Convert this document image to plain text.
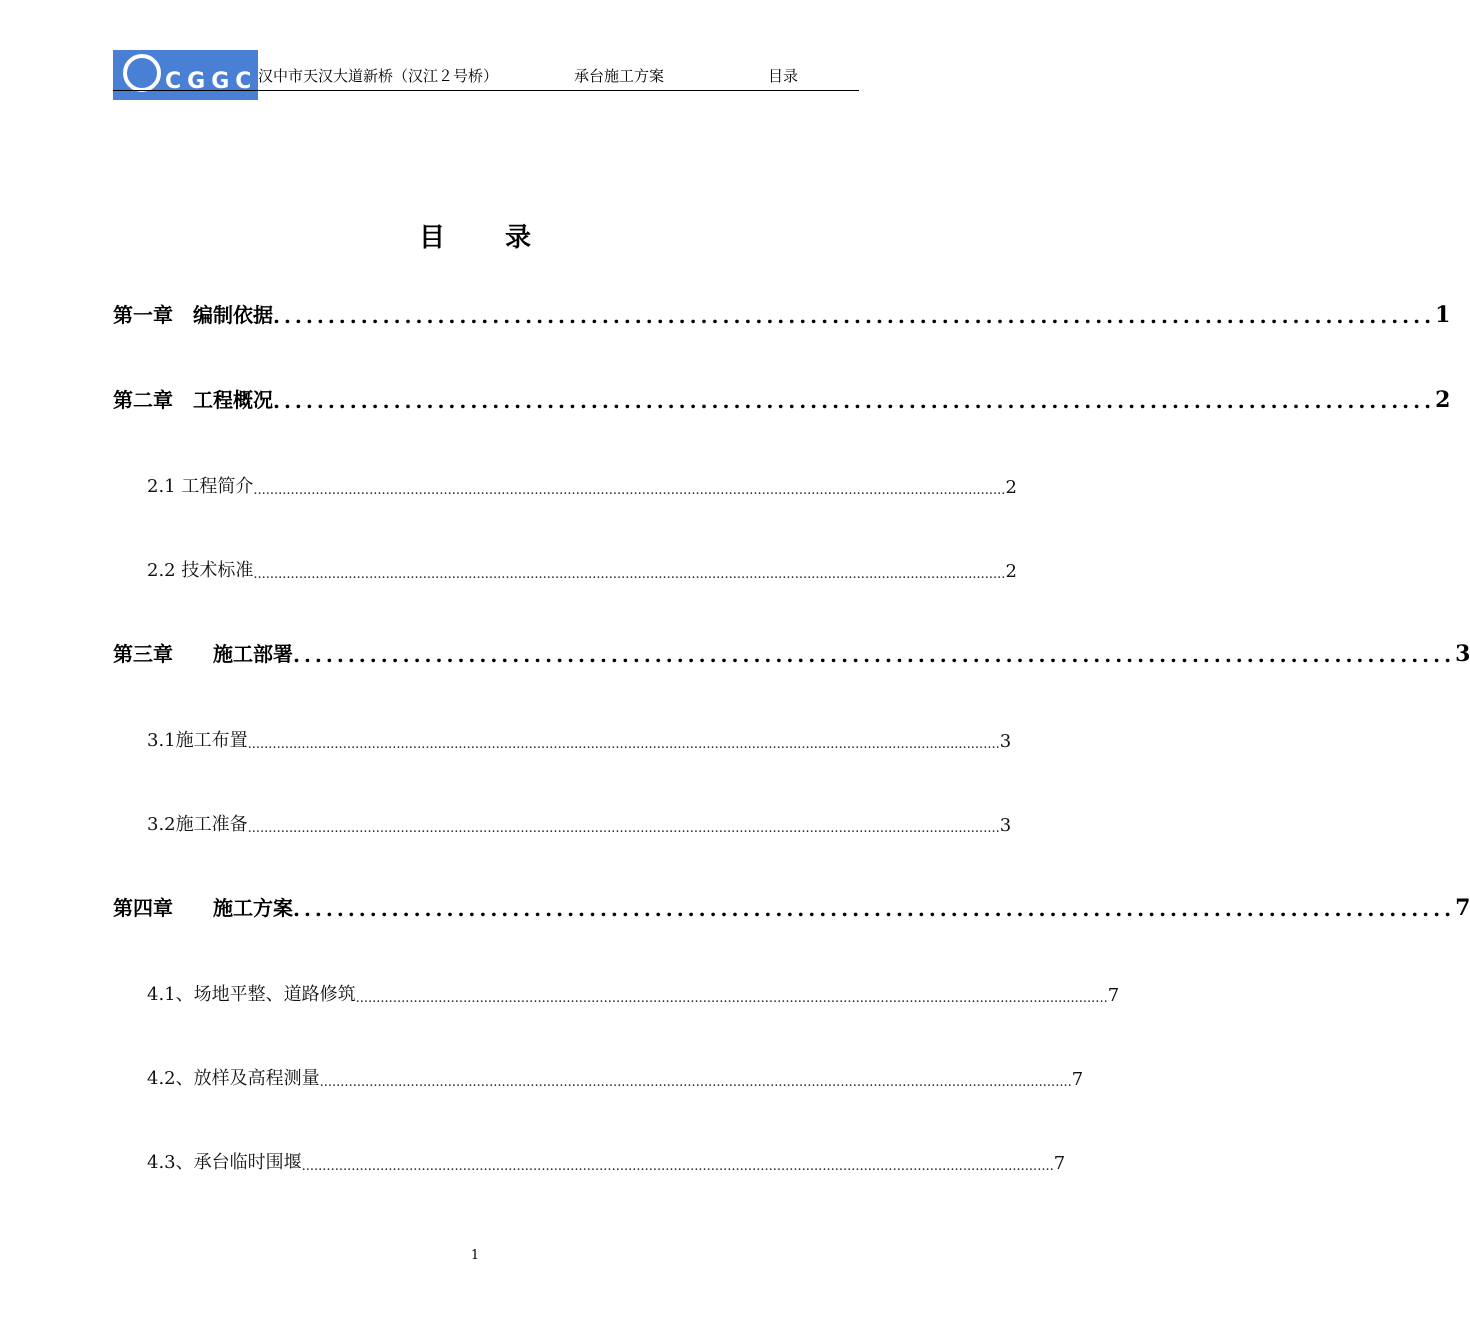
CGGC 汉中市天汉大道新桥（汉江２号桥）	承台施工方案	目录
目录
第一章　编制依据 .......................................................................................................... 1
第二章　工程概况 .......................................................................................................... 2
2.1 工程简介 ...................................................................................................................................................................................... 2
2.2 技术标准 ...................................................................................................................................................................................... 2
第三章　　施工部署 .......................................................................................................... 3
3.1施工布置 ...................................................................................................................................................................................... 3
3.2施工准备 ...................................................................................................................................................................................... 3
第四章　　施工方案 .......................................................................................................... 7
4.1、场地平整、道路修筑 ...................................................................................................................................................................................... 7
4.2、放样及高程测量 ...................................................................................................................................................................................... 7
4.3、承台临时围堰 ...................................................................................................................................................................................... 7
1
